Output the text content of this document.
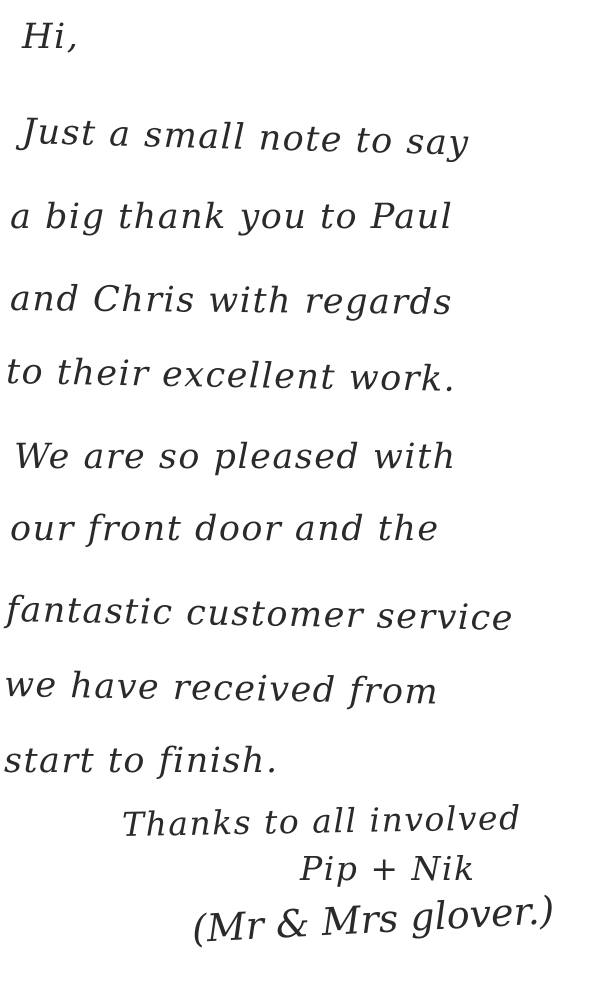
Hi,
Just a small note to say
a big thank you to Paul
and Chris with regards
to their excellent work.
We are so pleased with
our front door and the
fantastic customer service
we have received from
start to finish.
Thanks to all involved
Pip + Nik
(Mr & Mrs glover.)
